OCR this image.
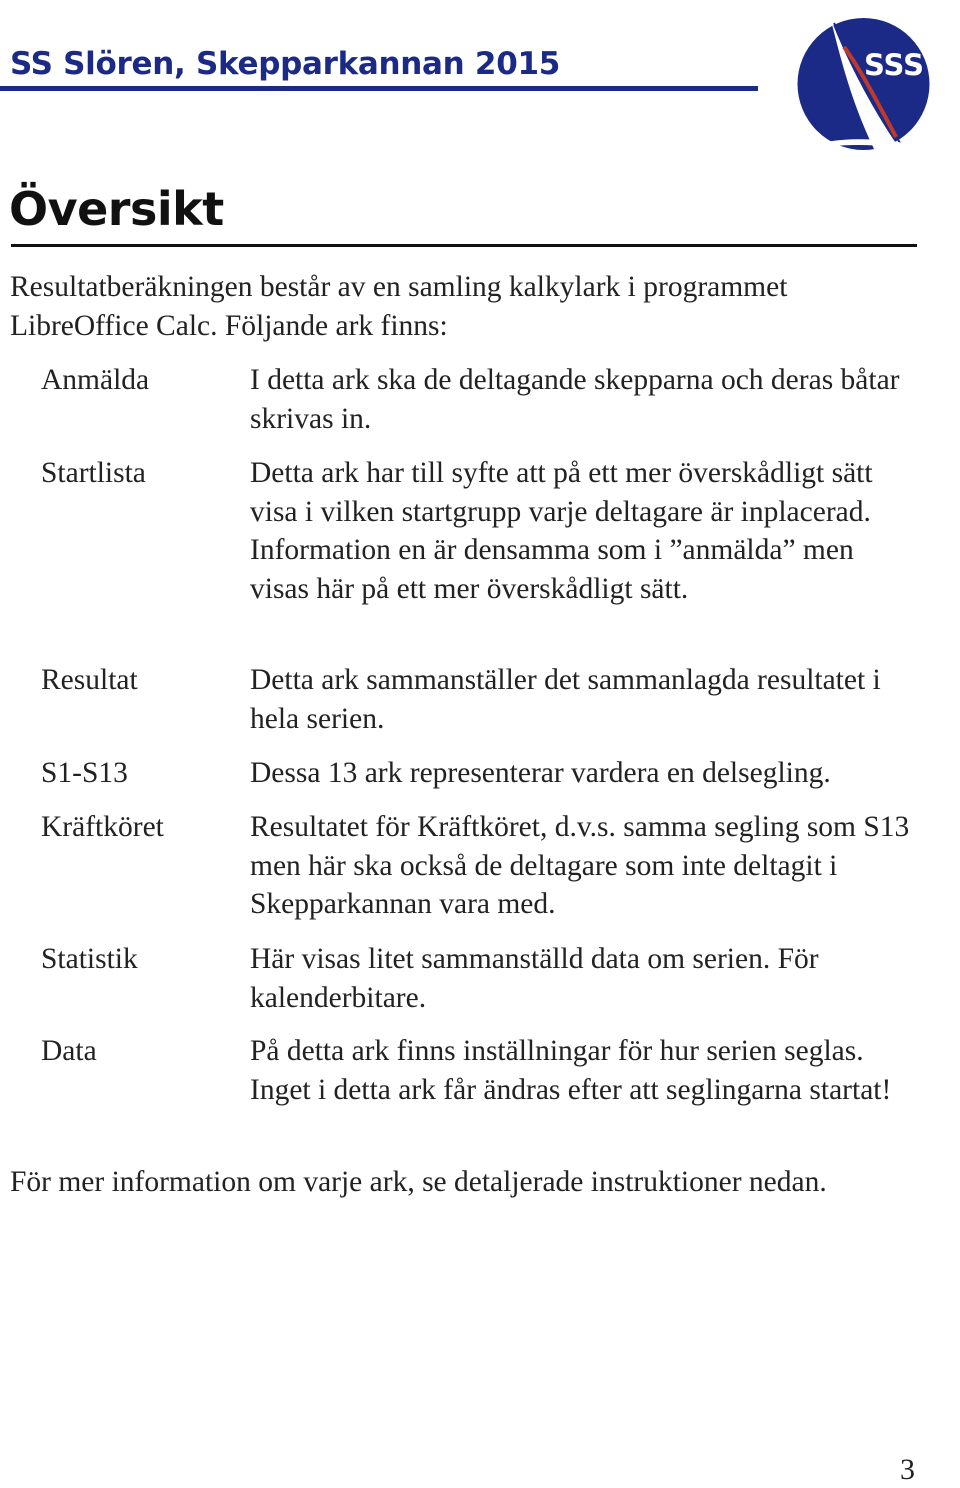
SS Slören, Skepparkannan 2015	SSS
Översikt
Resultatberäkningen består av en samling kalkylark i programmet LibreOffice Calc. Följande ark finns:
Anmälda	I detta ark ska de deltagande skepparna och deras båtar skrivas in.
Startlista	Detta ark har till syfte att på ett mer överskådligt sätt visa i vilken startgrupp varje deltagare är inplacerad. Information en är densamma som i ”anmälda” men visas här på ett mer överskådligt sätt.
Resultat	Detta ark sammanställer det sammanlagda resultatet i hela serien.
S1-S13	Dessa 13 ark representerar vardera en delsegling.
Kräftköret	Resultatet för Kräftköret, d.v.s. samma segling som S13 men här ska också de deltagare som inte deltagit i Skepparkannan vara med.
Statistik	Här visas litet sammanställd data om serien. För kalenderbitare.
Data	På detta ark finns inställningar för hur serien seglas. Inget i detta ark får ändras efter att seglingarna startat!
För mer information om varje ark, se detaljerade instruktioner nedan.
3
